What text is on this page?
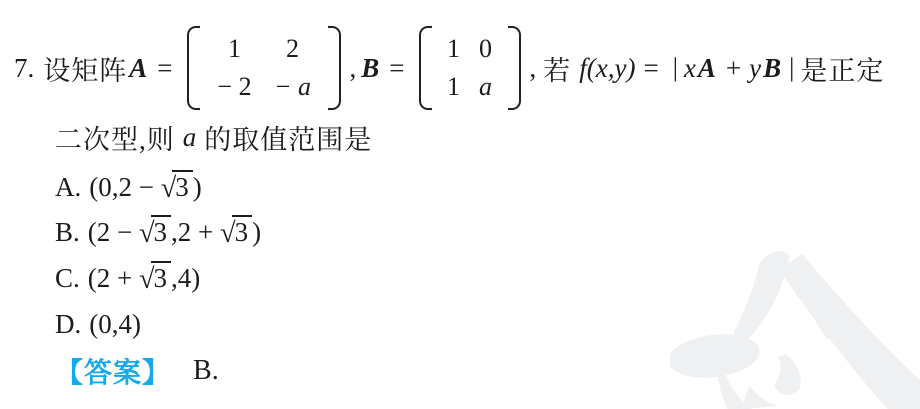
7. 设矩阵 A =
1	2
− 2 − a
, B =
1 0
1 a
, 若 f(x,y) = | x A + y B | 是正定
二次型,则 a 的取值范围是
A. (0,2 − √3 )
B. (2 − √3 ,2 + √3 )
C. (2 + √3 ,4)
D. (0,4)
【答案】 B.
